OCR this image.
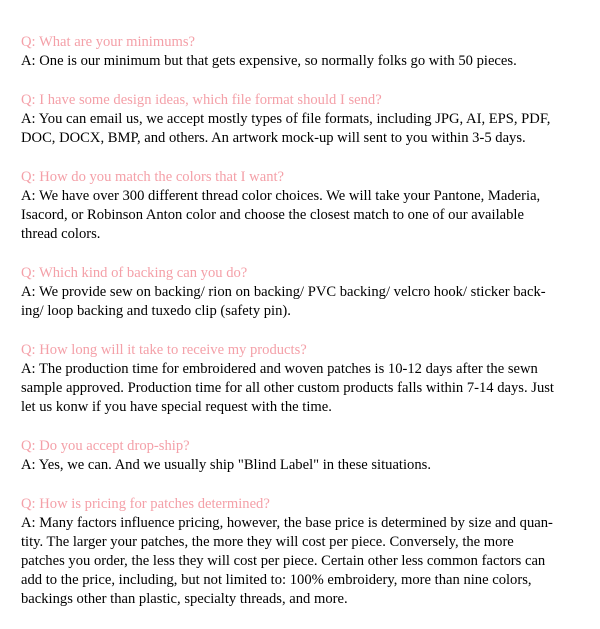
Q: What are your minimums?
A: One is our minimum but that gets expensive, so normally folks go with 50 pieces.
Q: I have some design ideas, which file format should I send?
A: You can email us, we accept mostly types of file formats, including JPG, AI, EPS, PDF,
DOC, DOCX, BMP, and others. An artwork mock-up will sent to you within 3-5 days.
Q: How do you match the colors that I want?
A: We have over 300 different thread color choices. We will take your Pantone, Maderia,
Isacord, or Robinson Anton color and choose the closest match to one of our available
thread colors.
Q: Which kind of backing can you do?
A: We provide sew on backing/ rion on backing/ PVC backing/ velcro hook/ sticker back-
ing/ loop backing and tuxedo clip (safety pin).
Q: How long will it take to receive my products?
A: The production time for embroidered and woven patches is 10-12 days after the sewn
sample approved. Production time for all other custom products falls within 7-14 days. Just
let us konw if you have special request with the time.
Q: Do you accept drop-ship?
A: Yes, we can. And we usually ship "Blind Label" in these situations.
Q: How is pricing for patches determined?
A: Many factors influence pricing, however, the base price is determined by size and quan-
tity. The larger your patches, the more they will cost per piece. Conversely, the more
patches you order, the less they will cost per piece. Certain other less common factors can
add to the price, including, but not limited to: 100% embroidery, more than nine colors,
backings other than plastic, specialty threads, and more.
